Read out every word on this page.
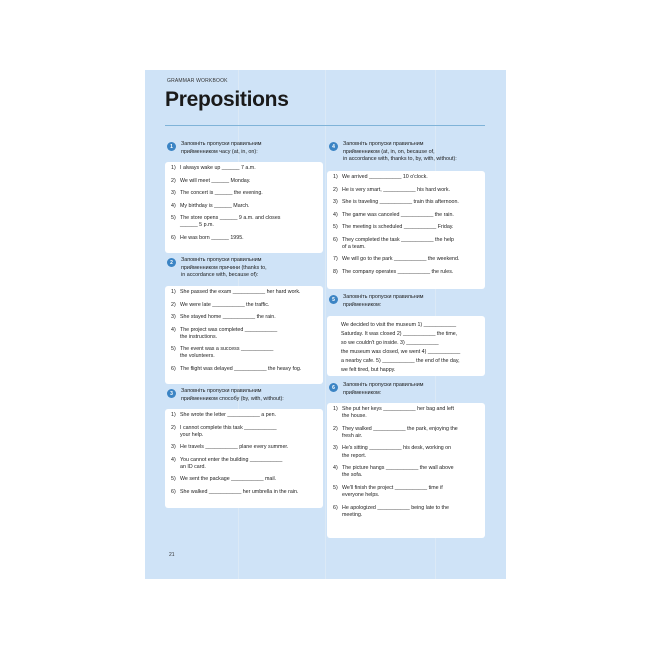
GRAMMAR WORKBOOK
Prepositions
1	Заповніть пропуски правильним
прийменником часу (at, in, on):
1) I always wake up ______ 7 a.m.
2) We will meet ______ Monday.
3) The concert is ______ the evening.
4) My birthday is ______ March.
5) The store opens ______ 9 a.m. and closes
______ 5 p.m.
6) He was born ______ 1995.
2	Заповніть пропуски правильним
прийменником причини (thanks to,
in accordance with, because of):
1) She passed the exam ___________ her hard work.
2) We were late ___________ the traffic.
3) She stayed home ___________ the rain.
4) The project was completed ___________
the instructions.
5) The event was a success ___________
the volunteers.
6) The flight was delayed ___________ the heavy fog.
3	Заповніть пропуски правильним
прийменником способу (by, with, without):
1) She wrote the letter ___________ a pen.
2) I cannot complete this task ___________
your help.
3) He travels ___________ plane every summer.
4) You cannot enter the building ___________
an ID card.
5) We sent the package ___________ mail.
6) She walked ___________ her umbrella in the rain.
4	Заповніть пропуски правильним
прийменником (at, in, on, because of,
in accordance with, thanks to, by, with, without):
1) We arrived ___________ 10 o'clock.
2) He is very smart, ___________ his hard work.
3) She is traveling ___________ train this afternoon.
4) The game was canceled ___________ the rain.
5) The meeting is scheduled ___________ Friday.
6) They completed the task ___________ the help
of a team.
7) We will go to the park ___________ the weekend.
8) The company operates ___________ the rules.
5	Заповніть пропуски правильним
прийменником:
We decided to visit the museum 1) ___________
Saturday. It was closed 2) ___________ the time,
so we couldn't go inside. 3) ___________
the museum was closed, we went 4) ___________
a nearby cafe. 5) ___________ the end of the day,
we felt tired, but happy.
6	Заповніть пропуски правильним
прийменником:
1) She put her keys ___________ her bag and left
the house.
2) They walked ___________ the park, enjoying the
fresh air.
3) He's sitting ___________ his desk, working on
the report.
4) The picture hangs ___________ the wall above
the sofa.
5) We'll finish the project ___________ time if
everyone helps.
6) He apologized ___________ being late to the
meeting.
21
